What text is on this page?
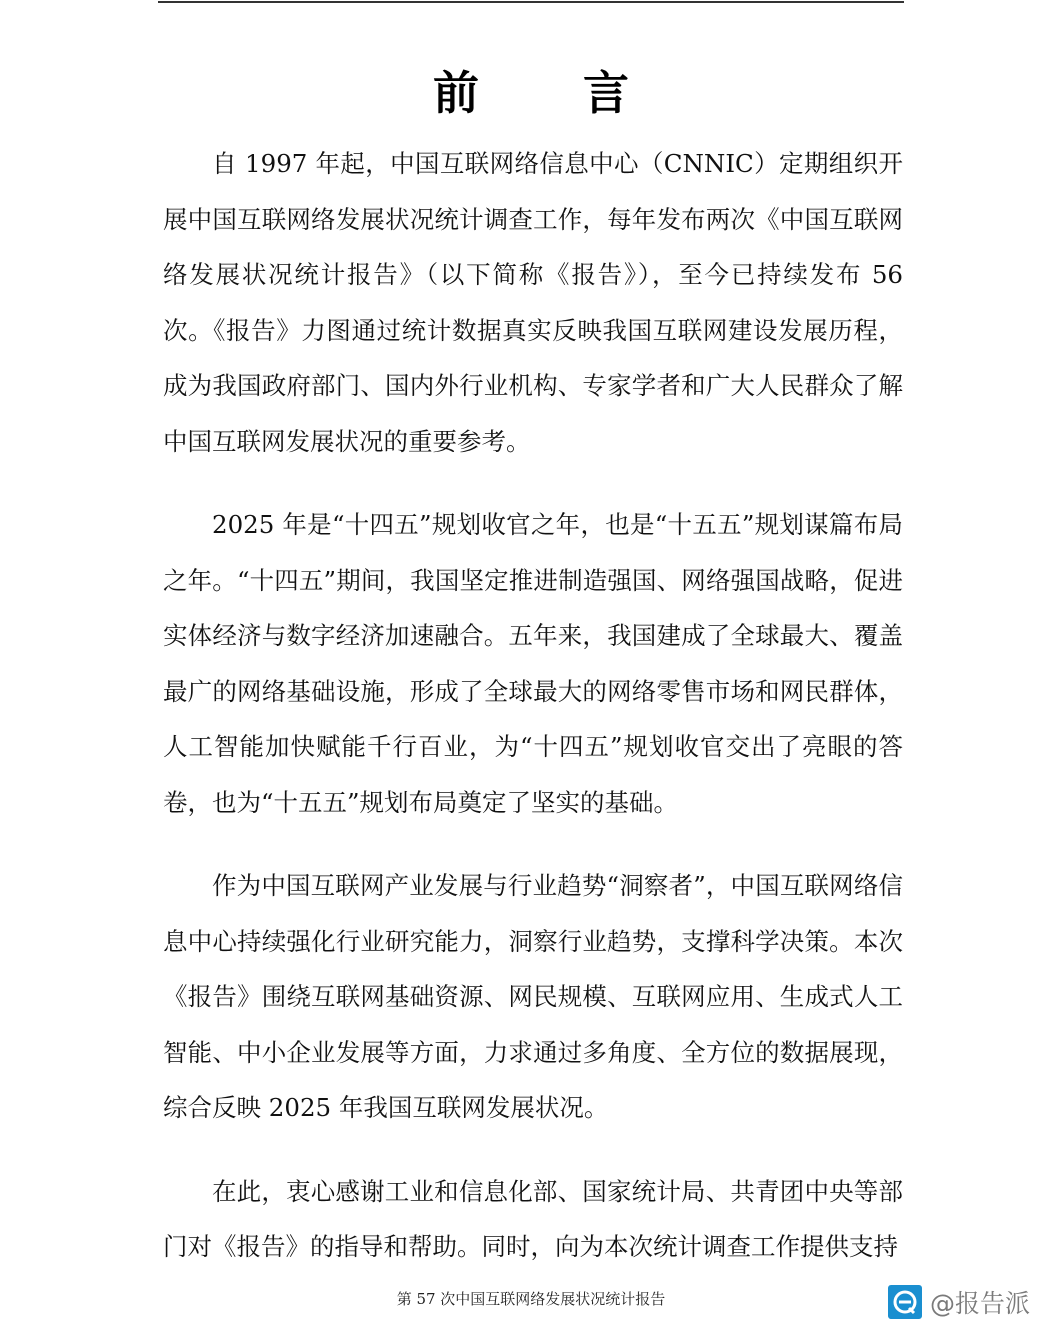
前 言

自 1997 年起，中国互联网络信息中心（CNNIC）定期组织开展中国互联网络发展状况统计调查工作，每年发布两次《中国互联网络发展状况统计报告》（以下简称《报告》），至今已持续发布 56 次。《报告》力图通过统计数据真实反映我国互联网建设发展历程，成为我国政府部门、国内外行业机构、专家学者和广大人民群众了解中国互联网发展状况的重要参考。

2025 年是“十四五”规划收官之年，也是“十五五”规划谋篇布局之年。“十四五”期间，我国坚定推进制造强国、网络强国战略，促进实体经济与数字经济加速融合。五年来，我国建成了全球最大、覆盖最广的网络基础设施，形成了全球最大的网络零售市场和网民群体，人工智能加快赋能千行百业，为“十四五”规划收官交出了亮眼的答卷，也为“十五五”规划布局奠定了坚实的基础。

作为中国互联网产业发展与行业趋势“洞察者”，中国互联网络信息中心持续强化行业研究能力，洞察行业趋势，支撑科学决策。本次《报告》围绕互联网基础资源、网民规模、互联网应用、生成式人工智能、中小企业发展等方面，力求通过多角度、全方位的数据展现，综合反映 2025 年我国互联网发展状况。

在此，衷心感谢工业和信息化部、国家统计局、共青团中央等部门对《报告》的指导和帮助。同时，向为本次统计调查工作提供支持

第 57 次中国互联网络发展状况统计报告	@报告派
